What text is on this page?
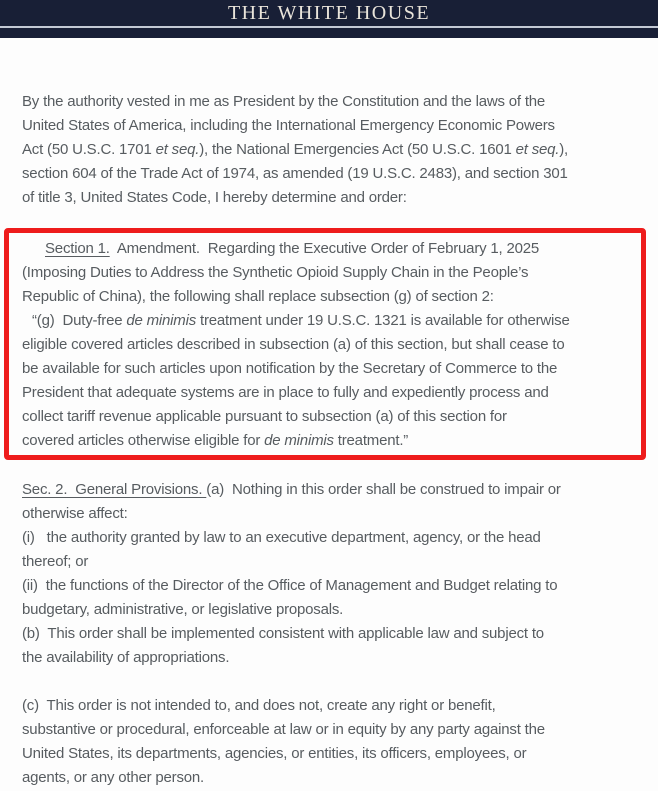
THE WHITE HOUSE
By the authority vested in me as President by the Constitution and the laws of the
United States of America, including the International Emergency Economic Powers
Act (50 U.S.C. 1701 et seq.), the National Emergencies Act (50 U.S.C. 1601 et seq.),
section 604 of the Trade Act of 1974, as amended (19 U.S.C. 2483), and section 301
of title 3, United States Code, I hereby determine and order:
Section 1.  Amendment.  Regarding the Executive Order of February 1, 2025
(Imposing Duties to Address the Synthetic Opioid Supply Chain in the People’s
Republic of China), the following shall replace subsection (g) of section 2:
“(g)  Duty-free de minimis treatment under 19 U.S.C. 1321 is available for otherwise
eligible covered articles described in subsection (a) of this section, but shall cease to
be available for such articles upon notification by the Secretary of Commerce to the
President that adequate systems are in place to fully and expediently process and
collect tariff revenue applicable pursuant to subsection (a) of this section for
covered articles otherwise eligible for de minimis treatment.”
Sec. 2.  General Provisions. (a)  Nothing in this order shall be construed to impair or
otherwise affect:
(i)   the authority granted by law to an executive department, agency, or the head
thereof; or
(ii)  the functions of the Director of the Office of Management and Budget relating to
budgetary, administrative, or legislative proposals.
(b)  This order shall be implemented consistent with applicable law and subject to
the availability of appropriations.
(c)  This order is not intended to, and does not, create any right or benefit,
substantive or procedural, enforceable at law or in equity by any party against the
United States, its departments, agencies, or entities, its officers, employees, or
agents, or any other person.
